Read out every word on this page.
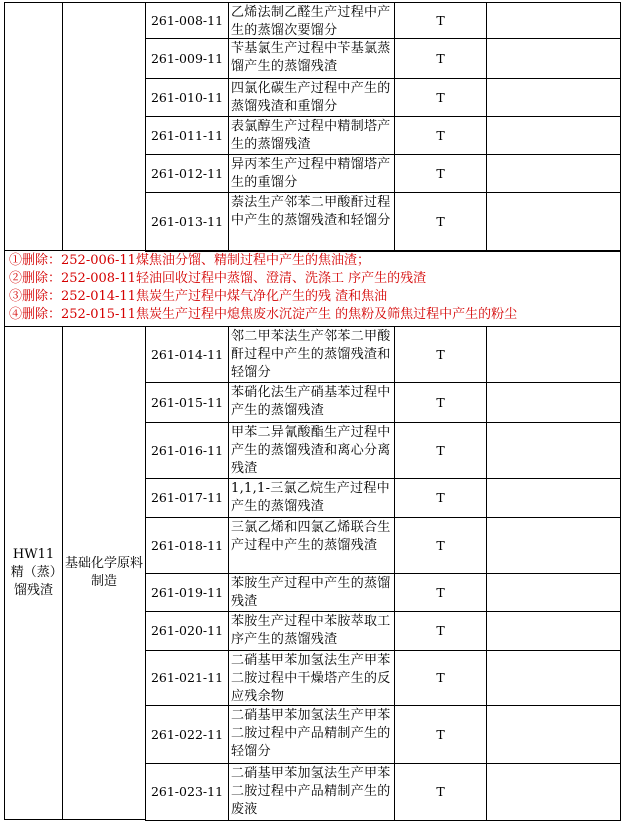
261-008-11 乙烯法制乙醛生产过程中产生的蒸馏次要馏分
T
261-009-11
苄基氯生产过程中苄基氯蒸馏产生的蒸馏残渣
T
261-010-11
四氯化碳生产过程中产生的蒸馏残渣和重馏分
T
261-011-11
表氯醇生产过程中精制塔产生的蒸馏残渣
T
261-012-11
异丙苯生产过程中精馏塔产生的重馏分
T
261-013-11
萘法生产邻苯二甲酸酐过程中产生的蒸馏残渣和轻馏分	T
①删除：252-006-11煤焦油分馏、精制过程中产生的焦油渣；
②删除：252-008-11轻油回收过程中蒸馏、澄清、洗涤工 序产生的残渣
③删除：252-014-11焦炭生产过程中煤气净化产生的残 渣和焦油
④删除：252-015-11焦炭生产过程中熄焦废水沉淀产生 的焦粉及筛焦过程中产生的粉尘
HW11 精（蒸）馏残渣
基础化学原料制造
261-014-11
邻二甲苯法生产邻苯二甲酸酐过程中产生的蒸馏残渣和轻馏分
T
261-015-11
苯硝化法生产硝基苯过程中产生的蒸馏残渣
T
261-016-11
甲苯二异氰酸酯生产过程中产生的蒸馏残渣和离心分离残渣
T
261-017-11
1,1,1-三氯乙烷生产过程中产生的蒸馏残渣
T
261-018-11
三氯乙烯和四氯乙烯联合生产过程中产生的蒸馏残渣	T
261-019-11
苯胺生产过程中产生的蒸馏残渣
T
261-020-11
苯胺生产过程中苯胺萃取工序产生的蒸馏残渣
T
261-021-11
二硝基甲苯加氢法生产甲苯二胺过程中干燥塔产生的反应残余物
T
261-022-11
二硝基甲苯加氢法生产甲苯二胺过程中产品精制产生的轻馏分
T
261-023-11
二硝基甲苯加氢法生产甲苯二胺过程中产品精制产生的废液
T
